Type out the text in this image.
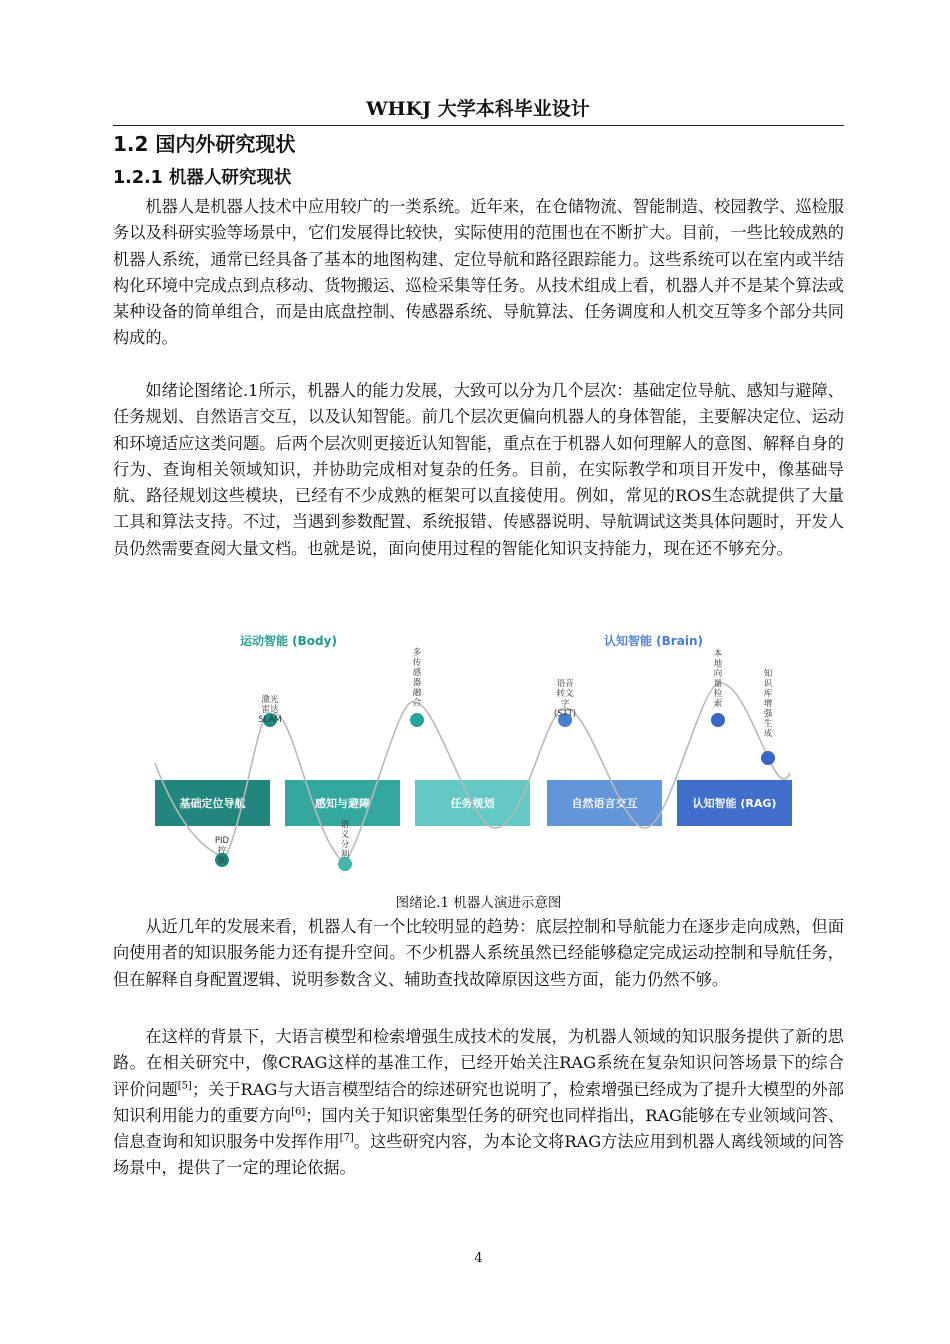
WHKJ 大学本科毕业设计
1.2 国内外研究现状
1.2.1 机器人研究现状

机器人是机器人技术中应用较广的一类系统。近年来，在仓储物流、智能制造、校园教学、巡检服务以及科研实验等场景中，它们发展得比较快，实际使用的范围也在不断扩大。目前，一些比较成熟的机器人系统，通常已经具备了基本的地图构建、定位导航和路径跟踪能力。这些系统可以在室内或半结构化环境中完成点到点移动、货物搬运、巡检采集等任务。从技术组成上看，机器人并不是某个算法或某种设备的简单组合，而是由底盘控制、传感器系统、导航算法、任务调度和人机交互等多个部分共同构成的。

如绪论图绪论.1所示，机器人的能力发展，大致可以分为几个层次：基础定位导航、感知与避障、任务规划、自然语言交互，以及认知智能。前几个层次更偏向机器人的身体智能，主要解决定位、运动和环境适应这类问题。后两个层次则更接近认知智能，重点在于机器人如何理解人的意图、解释自身的行为、查询相关领域知识，并协助完成相对复杂的任务。目前，在实际教学和项目开发中，像基础导航、路径规划这些模块，已经有不少成熟的框架可以直接使用。例如，常见的ROS生态就提供了大量工具和算法支持。不过，当遇到参数配置、系统报错、传感器说明、导航调试这类具体问题时，开发人员仍然需要查阅大量文档。也就是说，面向使用过程的智能化知识支持能力，现在还不够充分。

运动智能 (Body)	认知智能 (Brain)
基础定位导航	感知与避障	任务规划	自然语言交互	认知智能 (RAG)
激光
雷达
SLAM
PID
控
制
多
传
感
器
融
合
语
义
分
割
语音
转文
字
(STT)
本
地
向
量
检
索
知
识
库
增
强
生
成
图绪论.1 机器人演进示意图

从近几年的发展来看，机器人有一个比较明显的趋势：底层控制和导航能力在逐步走向成熟，但面向使用者的知识服务能力还有提升空间。不少机器人系统虽然已经能够稳定完成运动控制和导航任务，但在解释自身配置逻辑、说明参数含义、辅助查找故障原因这些方面，能力仍然不够。

在这样的背景下，大语言模型和检索增强生成技术的发展，为机器人领域的知识服务提供了新的思路。在相关研究中，像CRAG这样的基准工作，已经开始关注RAG系统在复杂知识问答场景下的综合评价问题[5]；关于RAG与大语言模型结合的综述研究也说明了，检索增强已经成为了提升大模型的外部知识利用能力的重要方向[6]；国内关于知识密集型任务的研究也同样指出，RAG能够在专业领域问答、信息查询和知识服务中发挥作用[7]。这些研究内容，为本论文将RAG方法应用到机器人离线领域的问答场景中，提供了一定的理论依据。

4
